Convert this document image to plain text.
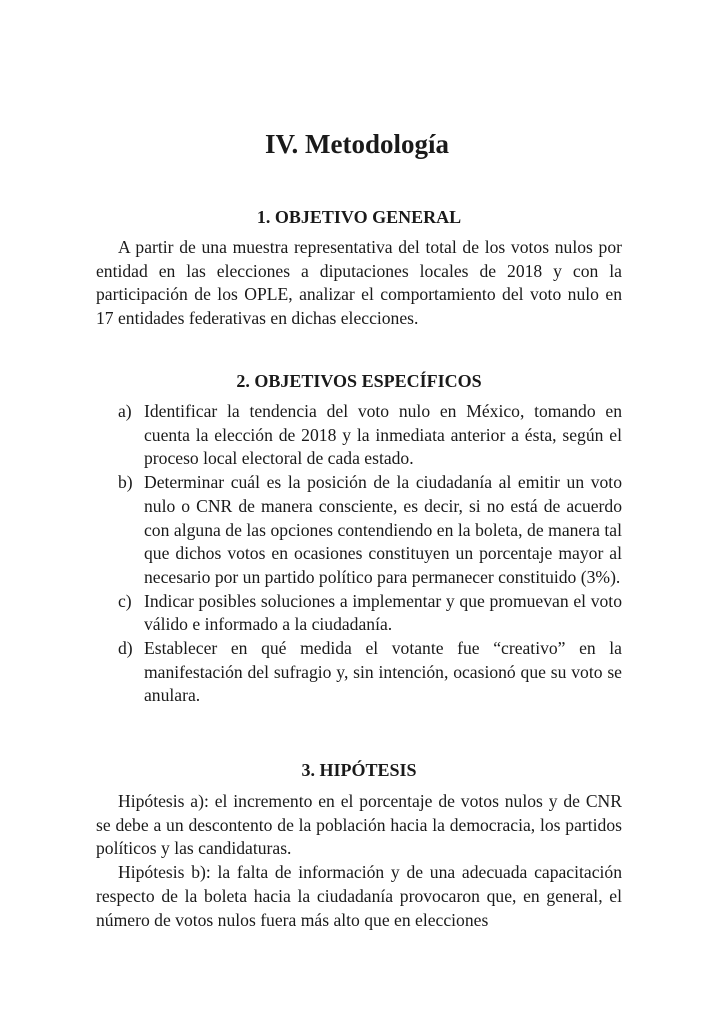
IV. Metodología
1. OBJETIVO GENERAL

A partir de una muestra representativa del total de los votos nulos por entidad en las elecciones a diputaciones locales de 2018 y con la participación de los OPLE, analizar el comportamiento del voto nulo en 17 entidades federativas en dichas elecciones.

2. OBJETIVOS ESPECÍFICOS
a) Identificar la tendencia del voto nulo en México, tomando en cuenta la elección de 2018 y la inmediata anterior a ésta, según el proceso local electoral de cada estado.
b) Determinar cuál es la posición de la ciudadanía al emitir un voto nulo o CNR de manera consciente, es decir, si no está de acuerdo con alguna de las opciones contendiendo en la boleta, de manera tal que dichos votos en ocasiones constituyen un porcentaje mayor al necesario por un partido político para permanecer constituido (3%).
c) Indicar posibles soluciones a implementar y que promuevan el voto válido e informado a la ciudadanía.
d) Establecer en qué medida el votante fue “creativo” en la manifestación del sufragio y, sin intención, ocasionó que su voto se anulara.
3. HIPÓTESIS

Hipótesis a): el incremento en el porcentaje de votos nulos y de CNR se debe a un descontento de la población hacia la democracia, los partidos políticos y las candidaturas.

Hipótesis b): la falta de información y de una adecuada capacitación respecto de la boleta hacia la ciudadanía provocaron que, en general, el número de votos nulos fuera más alto que en elecciones
